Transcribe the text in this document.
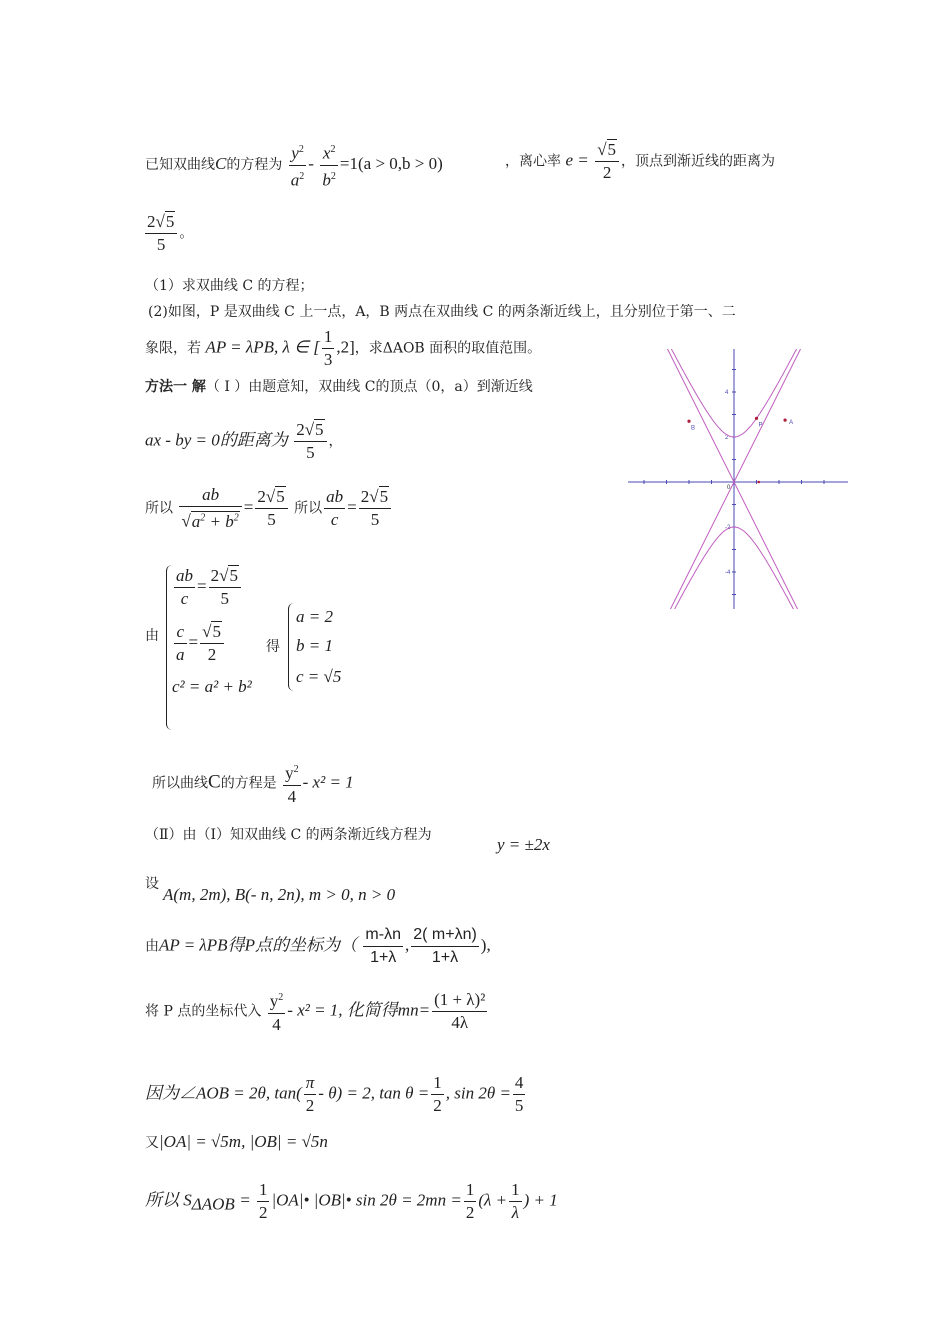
已知双曲线C的方程为 $\frac{y^2}{a^2} - \frac{x^2}{b^2} =1(a > 0,b > 0)$	，离心率 $e = \frac{√5}{2}$ ，顶点到渐近线的距离为
$\frac{2√5}{5}$ 。
（1）求双曲线 C 的方程；
(2)如图，P 是双曲线 C 上一点，A，B 两点在双曲线 C 的两条渐近线上，且分别位于第一、二
象限，若 AP = λPB, λ ∈ [ $\frac{1}{3} ,2$]，求ΔAOB 面积的取值范围。
方法一 解（ Ⅰ ）由题意知，双曲线 C的顶点（0，a）到渐近线
ax - by = 0的距离为 $\frac{2√5}{5}$ ，
所以 $\frac{ab}{√a^2 + b^2} = \frac{2√5}{5}$ 所以 $\frac{ab}{c} = \frac{2√5}{5}$
由
$\frac{ab}{c} = \frac{2√5}{5}$
$\frac{c}{a} = \frac{√5}{2}$
c² = a² + b²
得
a = 2
b = 1
c = √5
所以曲线C的方程是 $\frac{y^2}{4} - x^2 = 1$
（Ⅱ）由（Ⅰ）知双曲线 C 的两条渐近线方程为	y = ±2x
设
A(m, 2m), B(- n, 2n), m > 0, n > 0
由AP = λPB得P点的坐标为（ $\frac{m-\lambda n}{1+\lambda}$ , $\frac{2( m+\lambda n)}{1+\lambda}$ ),
将 P 点的坐标代入 $\frac{y^2}{4} - x^2 = 1$, 化简得$mn= \frac{\text{(1 + λ)²}}{4\lambda}$
因为∠AOB = 2θ, $\tan( \frac{\pi}{2} - \theta) = 2$, $\tan \theta = \frac{1}{2}$ , $\sin 2\theta = \frac{4}{5}$
又|OA| = √5m, |OB| = √5n
所以 $S_{\Delta AOB} = \frac{1}{2}$ |OA|• |OB|• $\sin 2\theta = 2mn = \frac{1}{2} (\lambda + \frac{1}{\lambda}$ ) + 1
4
2
-2
-4
A
B	P
0
